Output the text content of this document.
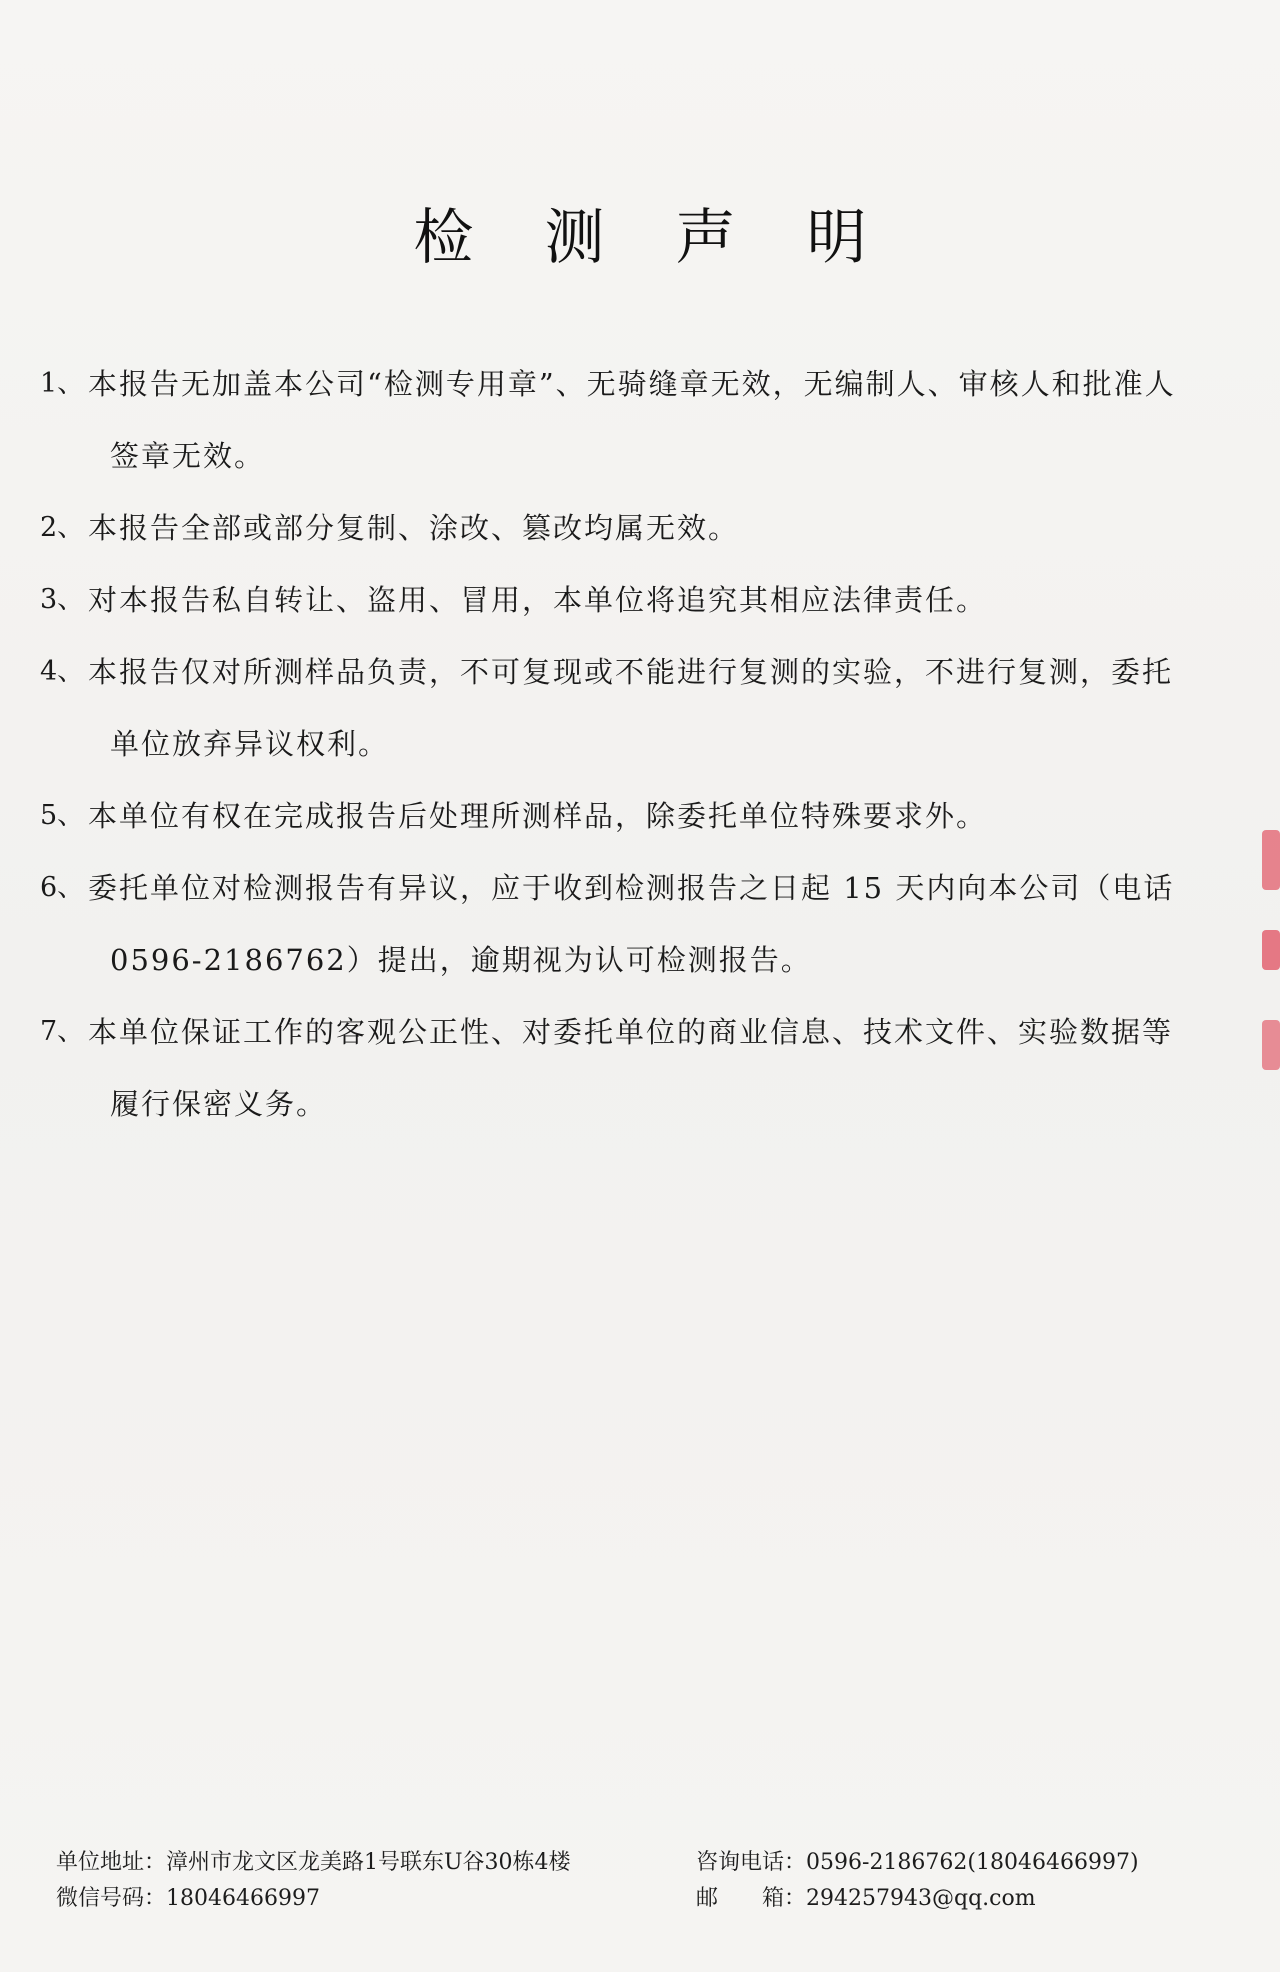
检 测 声 明
1、 本报告无加盖本公司“检测专用章”、无骑缝章无效，无编制人、审核人和批准人
签章无效。
2、 本报告全部或部分复制、涂改、篡改均属无效。
3、 对本报告私自转让、盗用、冒用，本单位将追究其相应法律责任。
4、 本报告仅对所测样品负责，不可复现或不能进行复测的实验，不进行复测，委托
单位放弃异议权利。
5、 本单位有权在完成报告后处理所测样品，除委托单位特殊要求外。
6、 委托单位对检测报告有异议，应于收到检测报告之日起 15 天内向本公司（电话
0596-2186762）提出，逾期视为认可检测报告。
7、 本单位保证工作的客观公正性、对委托单位的商业信息、技术文件、实验数据等
履行保密义务。
单位地址：漳州市龙文区龙美路1号联东U谷30栋4楼	咨询电话：0596-2186762(18046466997)
微信号码：18046466997	邮　　箱：294257943@qq.com
